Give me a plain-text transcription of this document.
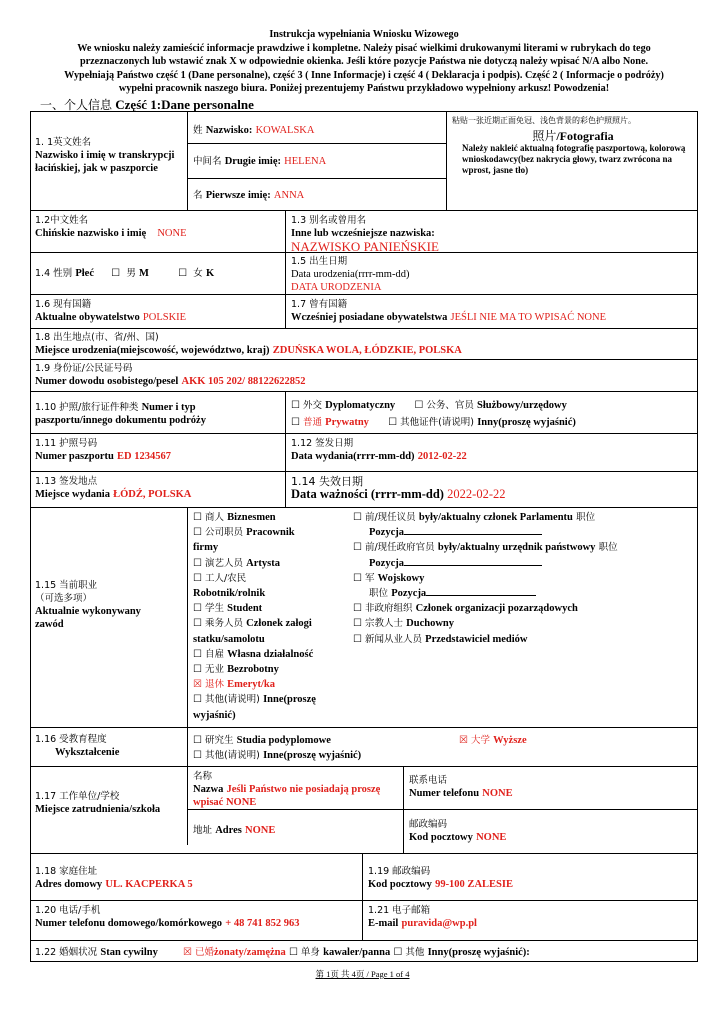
Instrukcja wypełniania Wniosku Wizowego
We wniosku należy zamieścić informacje prawdziwe i kompletne. Należy pisać wielkimi drukowanymi literami w rubrykach do tego
przeznaczonych lub wstawić znak X w odpowiednie okienka. Jeśli które pozycje Państwa nie dotyczą należy wpisać N/A albo None.
Wypełniają Państwo część 1 (Dane personalne), część 3 ( Inne Informacje) i część 4 ( Deklaracja i podpis). Część 2 ( Informacje o podróży)
wypełni pracownik naszego biura. Poniżej prezentujemy Państwu przykładowo wypełniony arkusz! Powodzenia!
一、个人信息 Część 1:Dane personalne
1. 1英文姓名
Nazwisko i imię w transkrypcji łacińskiej, jak w paszporcie
姓 Nazwisko: KOWALSKA
中间名 Drugie imię: HELENA
名 Pierwsze imię: ANNA
粘贴一张近期正面免冠、浅色背景的彩色护照照片。
照片/Fotografia
Należy nakleić aktualną fotografię paszportową, kolorową wnioskodawcy(bez nakrycia głowy, twarz zwrócona na wprost, jasne tło)
1.2中文姓名
Chińskie nazwisko i imię NONE
1.3 别名或曾用名
Inne lub wcześniejsze nazwiska:
NAZWISKO PANIEŃSKIE
1.4 性别 Płeć ☐ 男 M	☐ 女 K
1.5 出生日期
Data urodzenia(rrrr-mm-dd)
DATA URODZENIA
1.6 现有国籍
Aktualne obywatelstwo POLSKIE
1.7 曾有国籍
Wcześniej posiadane obywatelstwa JEŚLI NIE MA TO WPISAĆ NONE
1.8 出生地点(市、省/州、国)
Miejsce urodzenia(miejscowość, województwo, kraj) ZDUŃSKA WOLA, ŁÓDZKIE, POLSKA
1.9 身份证/公民证号码
Numer dowodu osobistego/pesel AKK 105 202/ 88122622852
1.10 护照/旅行证件种类 Numer i typ
paszportu/innego dokumentu podróży
☐ 外交 Dyplomatyczny ☐ 公务、官员 Służbowy/urzędowy
☐ 普通 Prywatny ☐ 其他证件(请说明) Inny(proszę wyjaśnić)
1.11 护照号码
Numer paszportu ED 1234567
1.12 签发日期
Data wydania(rrrr-mm-dd) 2012-02-22
1.13 签发地点
Miejsce wydania ŁÓDŹ, POLSKA
1.14 失效日期
Data ważności (rrrr-mm-dd) 2022-02-22
1.15 当前职业
（可选多项）
Aktualnie wykonywany
zawód
☐ 商人 Biznesmen
☐ 公司职员 Pracownik
firmy
☐ 演艺人员 Artysta
☐ 工人/农民
Robotnik/rolnik
☐ 学生 Student
☐ 乘务人员 Członek załogi
statku/samolotu
☐ 自雇 Własna działalność
☐ 无业 Bezrobotny
☒ 退休 Emeryt/ka
☐ 其他(请说明) Inne(proszę
wyjaśnić)
☐ 前/现任议员 były/aktualny członek Parlamentu 职位
Pozycja
☐ 前/现任政府官员 były/aktualny urzędnik państwowy 职位
Pozycja
☐ 军 Wojskowy
职位 Pozycja
☐ 非政府组织 Członek organizacji pozarządowych
☐ 宗教人士 Duchowny
☐ 新闻从业人员 Przedstawiciel mediów
1.16 受教育程度
Wykształcenie
☐ 研究生 Studia podyplomowe	☒ 大学 Wyższe
☐ 其他(请说明) Inne(proszę wyjaśnić)
1.17 工作单位/学校
Miejsce zatrudnienia/szkoła
名称
Nazwa Jeśli Państwo nie posiadają proszę wpisać NONE
地址 Adres NONE
联系电话
Numer telefonu NONE
邮政编码
Kod pocztowy NONE
1.18 家庭住址
Adres domowy UL. KACPERKA 5
1.19 邮政编码
Kod pocztowy 99-100 ZALESIE
1.20 电话/手机
Numer telefonu domowego/komórkowego + 48 741 852 963
1.21 电子邮箱
E-mail puravida@wp.pl
1.22 婚姻状况 Stan cywilny	☒ 已婚żonaty/zamężna ☐ 单身 kawaler/panna ☐ 其他 Inny(proszę wyjaśnić):
第 1页 共 4页 / Page 1 of 4
